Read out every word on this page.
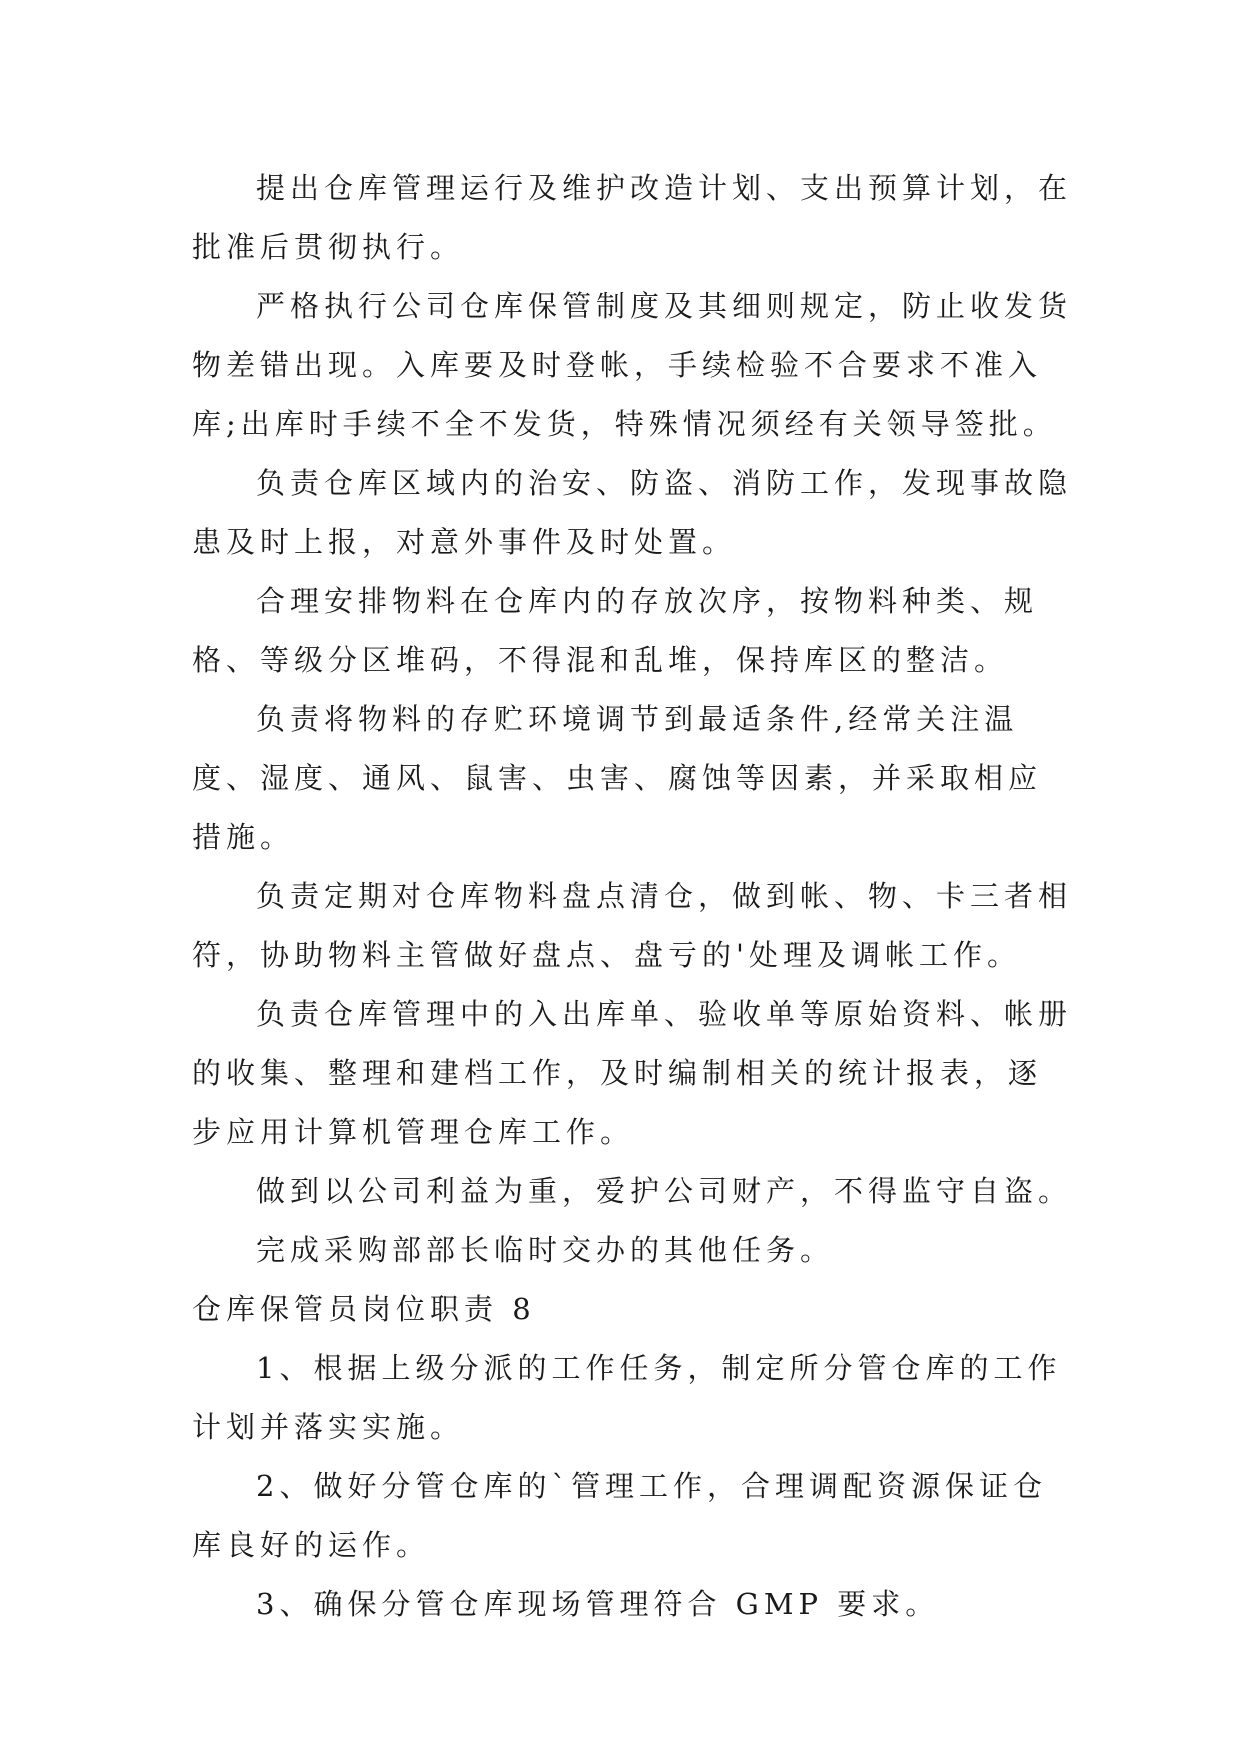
提出仓库管理运行及维护改造计划、支出预算计划，在批准后贯彻执行。

严格执行公司仓库保管制度及其细则规定，防止收发货物差错出现。入库要及时登帐，手续检验不合要求不准入库;出库时手续不全不发货，特殊情况须经有关领导签批。

负责仓库区域内的治安、防盗、消防工作，发现事故隐患及时上报，对意外事件及时处置。

合理安排物料在仓库内的存放次序，按物料种类、规格、等级分区堆码，不得混和乱堆，保持库区的整洁。

负责将物料的存贮环境调节到最适条件,经常关注温度、湿度、通风、鼠害、虫害、腐蚀等因素，并采取相应措施。

负责定期对仓库物料盘点清仓，做到帐、物、卡三者相符，协助物料主管做好盘点、盘亏的'处理及调帐工作。

负责仓库管理中的入出库单、验收单等原始资料、帐册的收集、整理和建档工作，及时编制相关的统计报表，逐步应用计算机管理仓库工作。

做到以公司利益为重，爱护公司财产，不得监守自盗。

完成采购部部长临时交办的其他任务。

仓库保管员岗位职责 8

1、根据上级分派的工作任务，制定所分管仓库的工作计划并落实实施。

2、做好分管仓库的`管理工作，合理调配资源保证仓库良好的运作。

3、确保分管仓库现场管理符合 GMP 要求。
